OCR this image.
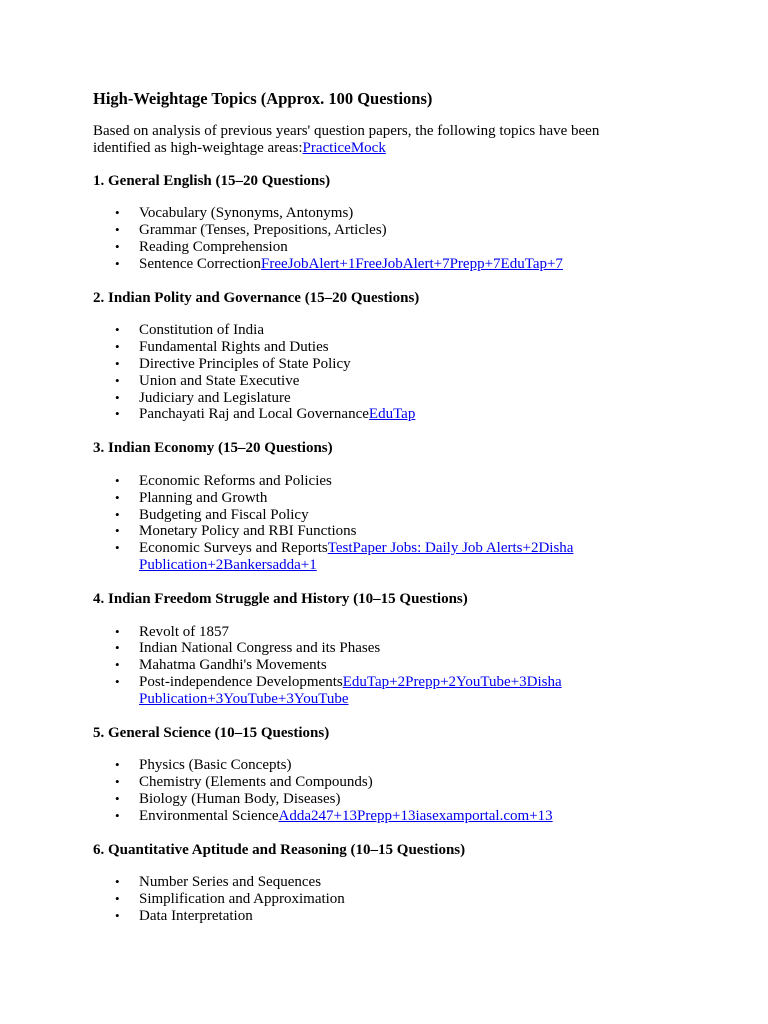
High-Weightage Topics (Approx. 100 Questions)
Based on analysis of previous years' question papers, the following topics have been identified as high-weightage areas:PracticeMock
1. General English (15–20 Questions)
• Vocabulary (Synonyms, Antonyms)
• Grammar (Tenses, Prepositions, Articles)
• Reading Comprehension
• Sentence CorrectionFreeJobAlert+1FreeJobAlert+7Prepp+7EduTap+7
2. Indian Polity and Governance (15–20 Questions)
• Constitution of India
• Fundamental Rights and Duties
• Directive Principles of State Policy
• Union and State Executive
• Judiciary and Legislature
• Panchayati Raj and Local GovernanceEduTap
3. Indian Economy (15–20 Questions)
• Economic Reforms and Policies
• Planning and Growth
• Budgeting and Fiscal Policy
• Monetary Policy and RBI Functions
• Economic Surveys and ReportsTestPaper Jobs: Daily Job Alerts+2Disha Publication+2Bankersadda+1
4. Indian Freedom Struggle and History (10–15 Questions)
• Revolt of 1857
• Indian National Congress and its Phases
• Mahatma Gandhi's Movements
• Post-independence DevelopmentsEduTap+2Prepp+2YouTube+3Disha Publication+3YouTube+3YouTube
5. General Science (10–15 Questions)
• Physics (Basic Concepts)
• Chemistry (Elements and Compounds)
• Biology (Human Body, Diseases)
• Environmental ScienceAdda247+13Prepp+13iasexamportal.com+13
6. Quantitative Aptitude and Reasoning (10–15 Questions)
• Number Series and Sequences
• Simplification and Approximation
• Data Interpretation
